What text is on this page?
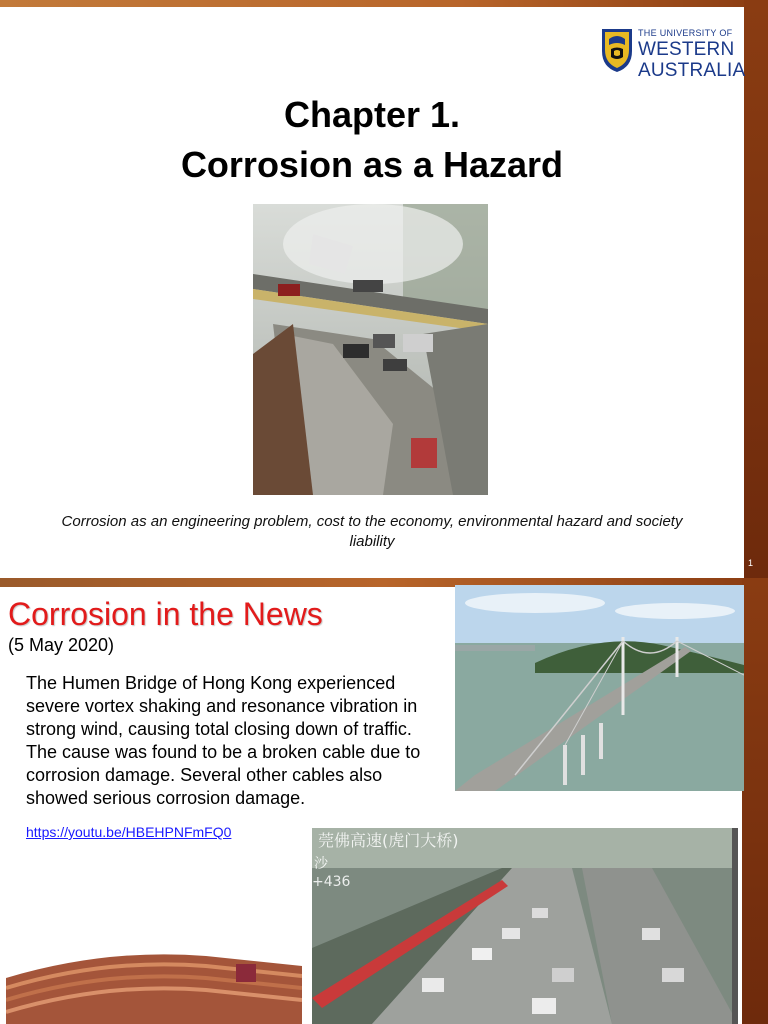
THE UNIVERSITY OF
WESTERN
AUSTRALIA
Chapter 1.
Corrosion as a Hazard
Corrosion as an engineering problem, cost to the economy, environmental hazard and society liability
1
Corrosion in the News
(5 May 2020)
The Humen Bridge of Hong Kong experienced severe vortex shaking and resonance vibration in strong wind, causing total closing down of traffic. The cause was found to be a broken cable due to corrosion damage. Several other cables also showed serious corrosion damage.
https://youtu.be/HBEHPNFmFQ0	莞佛高速(虎门大桥)
沙
+436
